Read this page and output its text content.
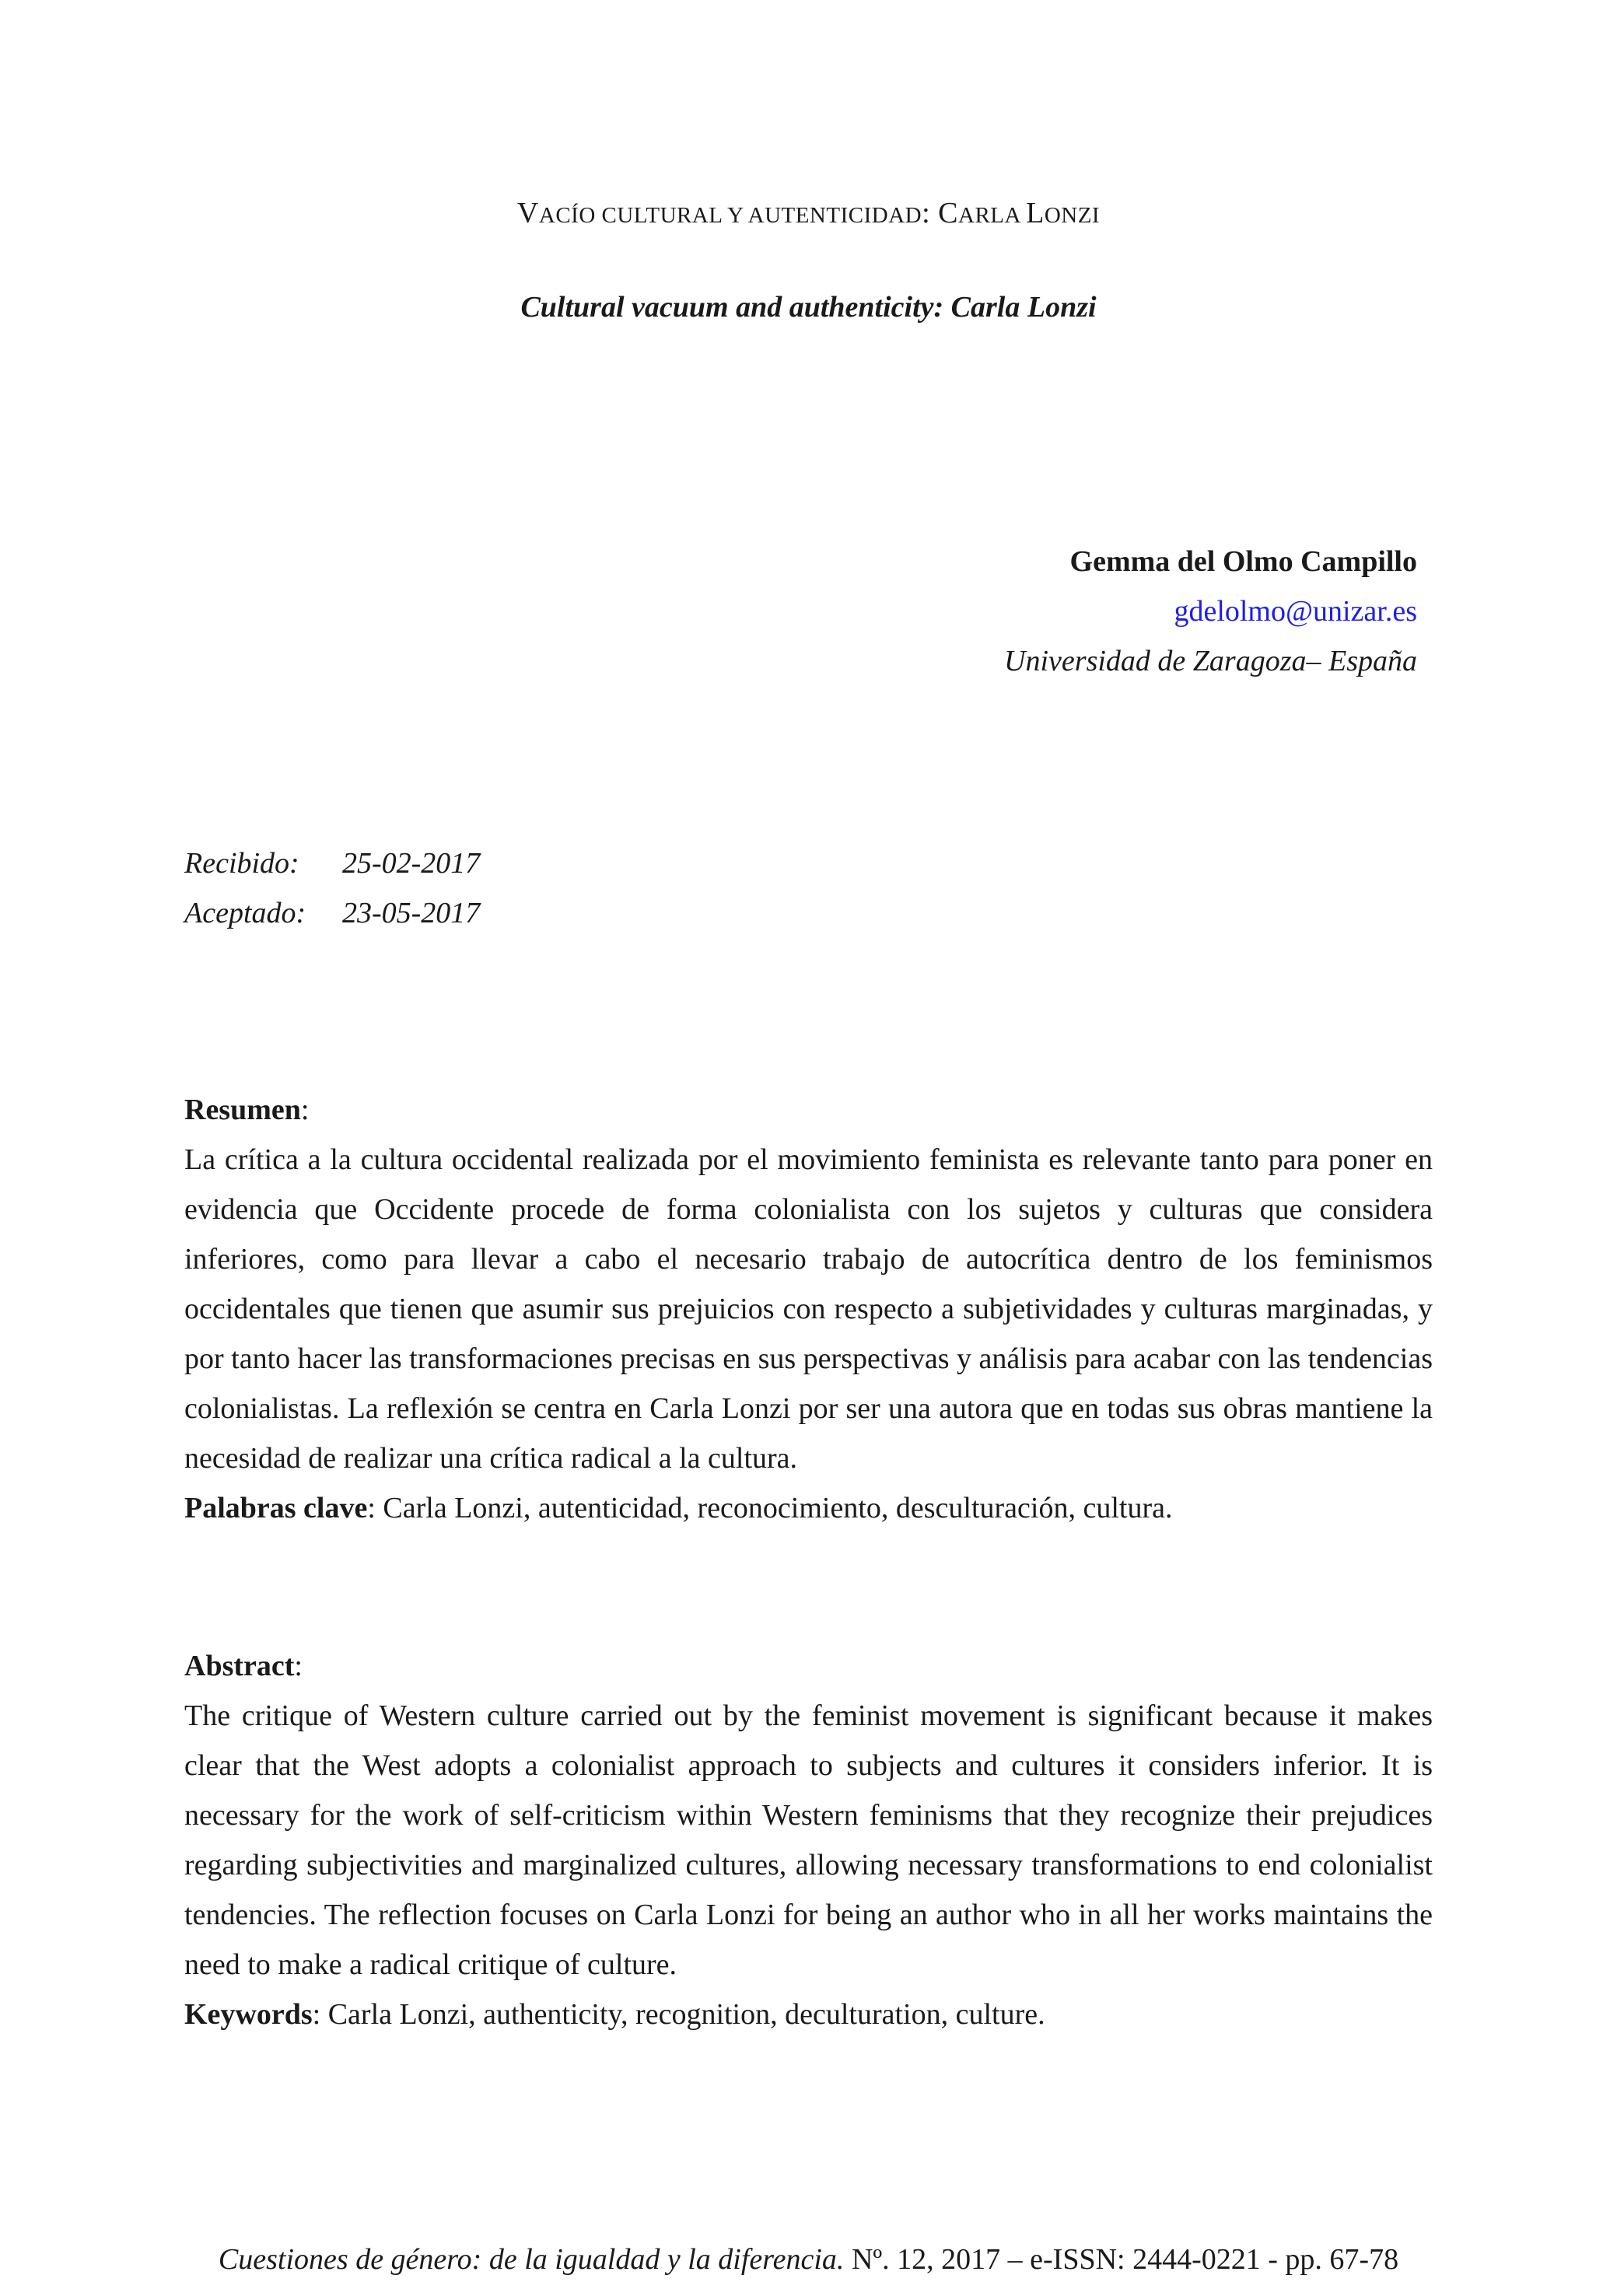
VACÍO CULTURAL Y AUTENTICIDAD: CARLA LONZI
Cultural vacuum and authenticity: Carla Lonzi
Gemma del Olmo Campillo
gdelolmo@unizar.es
Universidad de Zaragoza– España
Recibido:	25-02-2017
Aceptado:	23-05-2017
Resumen:
La crítica a la cultura occidental realizada por el movimiento feminista es relevante tanto para poner en evidencia que Occidente procede de forma colonialista con los sujetos y culturas que considera inferiores, como para llevar a cabo el necesario trabajo de autocrítica dentro de los feminismos occidentales que tienen que asumir sus prejuicios con respecto a subjetividades y culturas marginadas, y por tanto hacer las transformaciones precisas en sus perspectivas y análisis para acabar con las tendencias colonialistas. La reflexión se centra en Carla Lonzi por ser una autora que en todas sus obras mantiene la necesidad de realizar una crítica radical a la cultura.
Palabras clave: Carla Lonzi, autenticidad, reconocimiento, desculturación, cultura.
Abstract:
The critique of Western culture carried out by the feminist movement is significant because it makes clear that the West adopts a colonialist approach to subjects and cultures it considers inferior. It is necessary for the work of self-criticism within Western feminisms that they recognize their prejudices regarding subjectivities and marginalized cultures, allowing necessary transformations to end colonialist tendencies. The reflection focuses on Carla Lonzi for being an author who in all her works maintains the need to make a radical critique of culture.
Keywords: Carla Lonzi, authenticity, recognition, deculturation, culture.
Cuestiones de género: de la igualdad y la diferencia. Nº. 12, 2017 – e-ISSN: 2444-0221 - pp. 67-78
